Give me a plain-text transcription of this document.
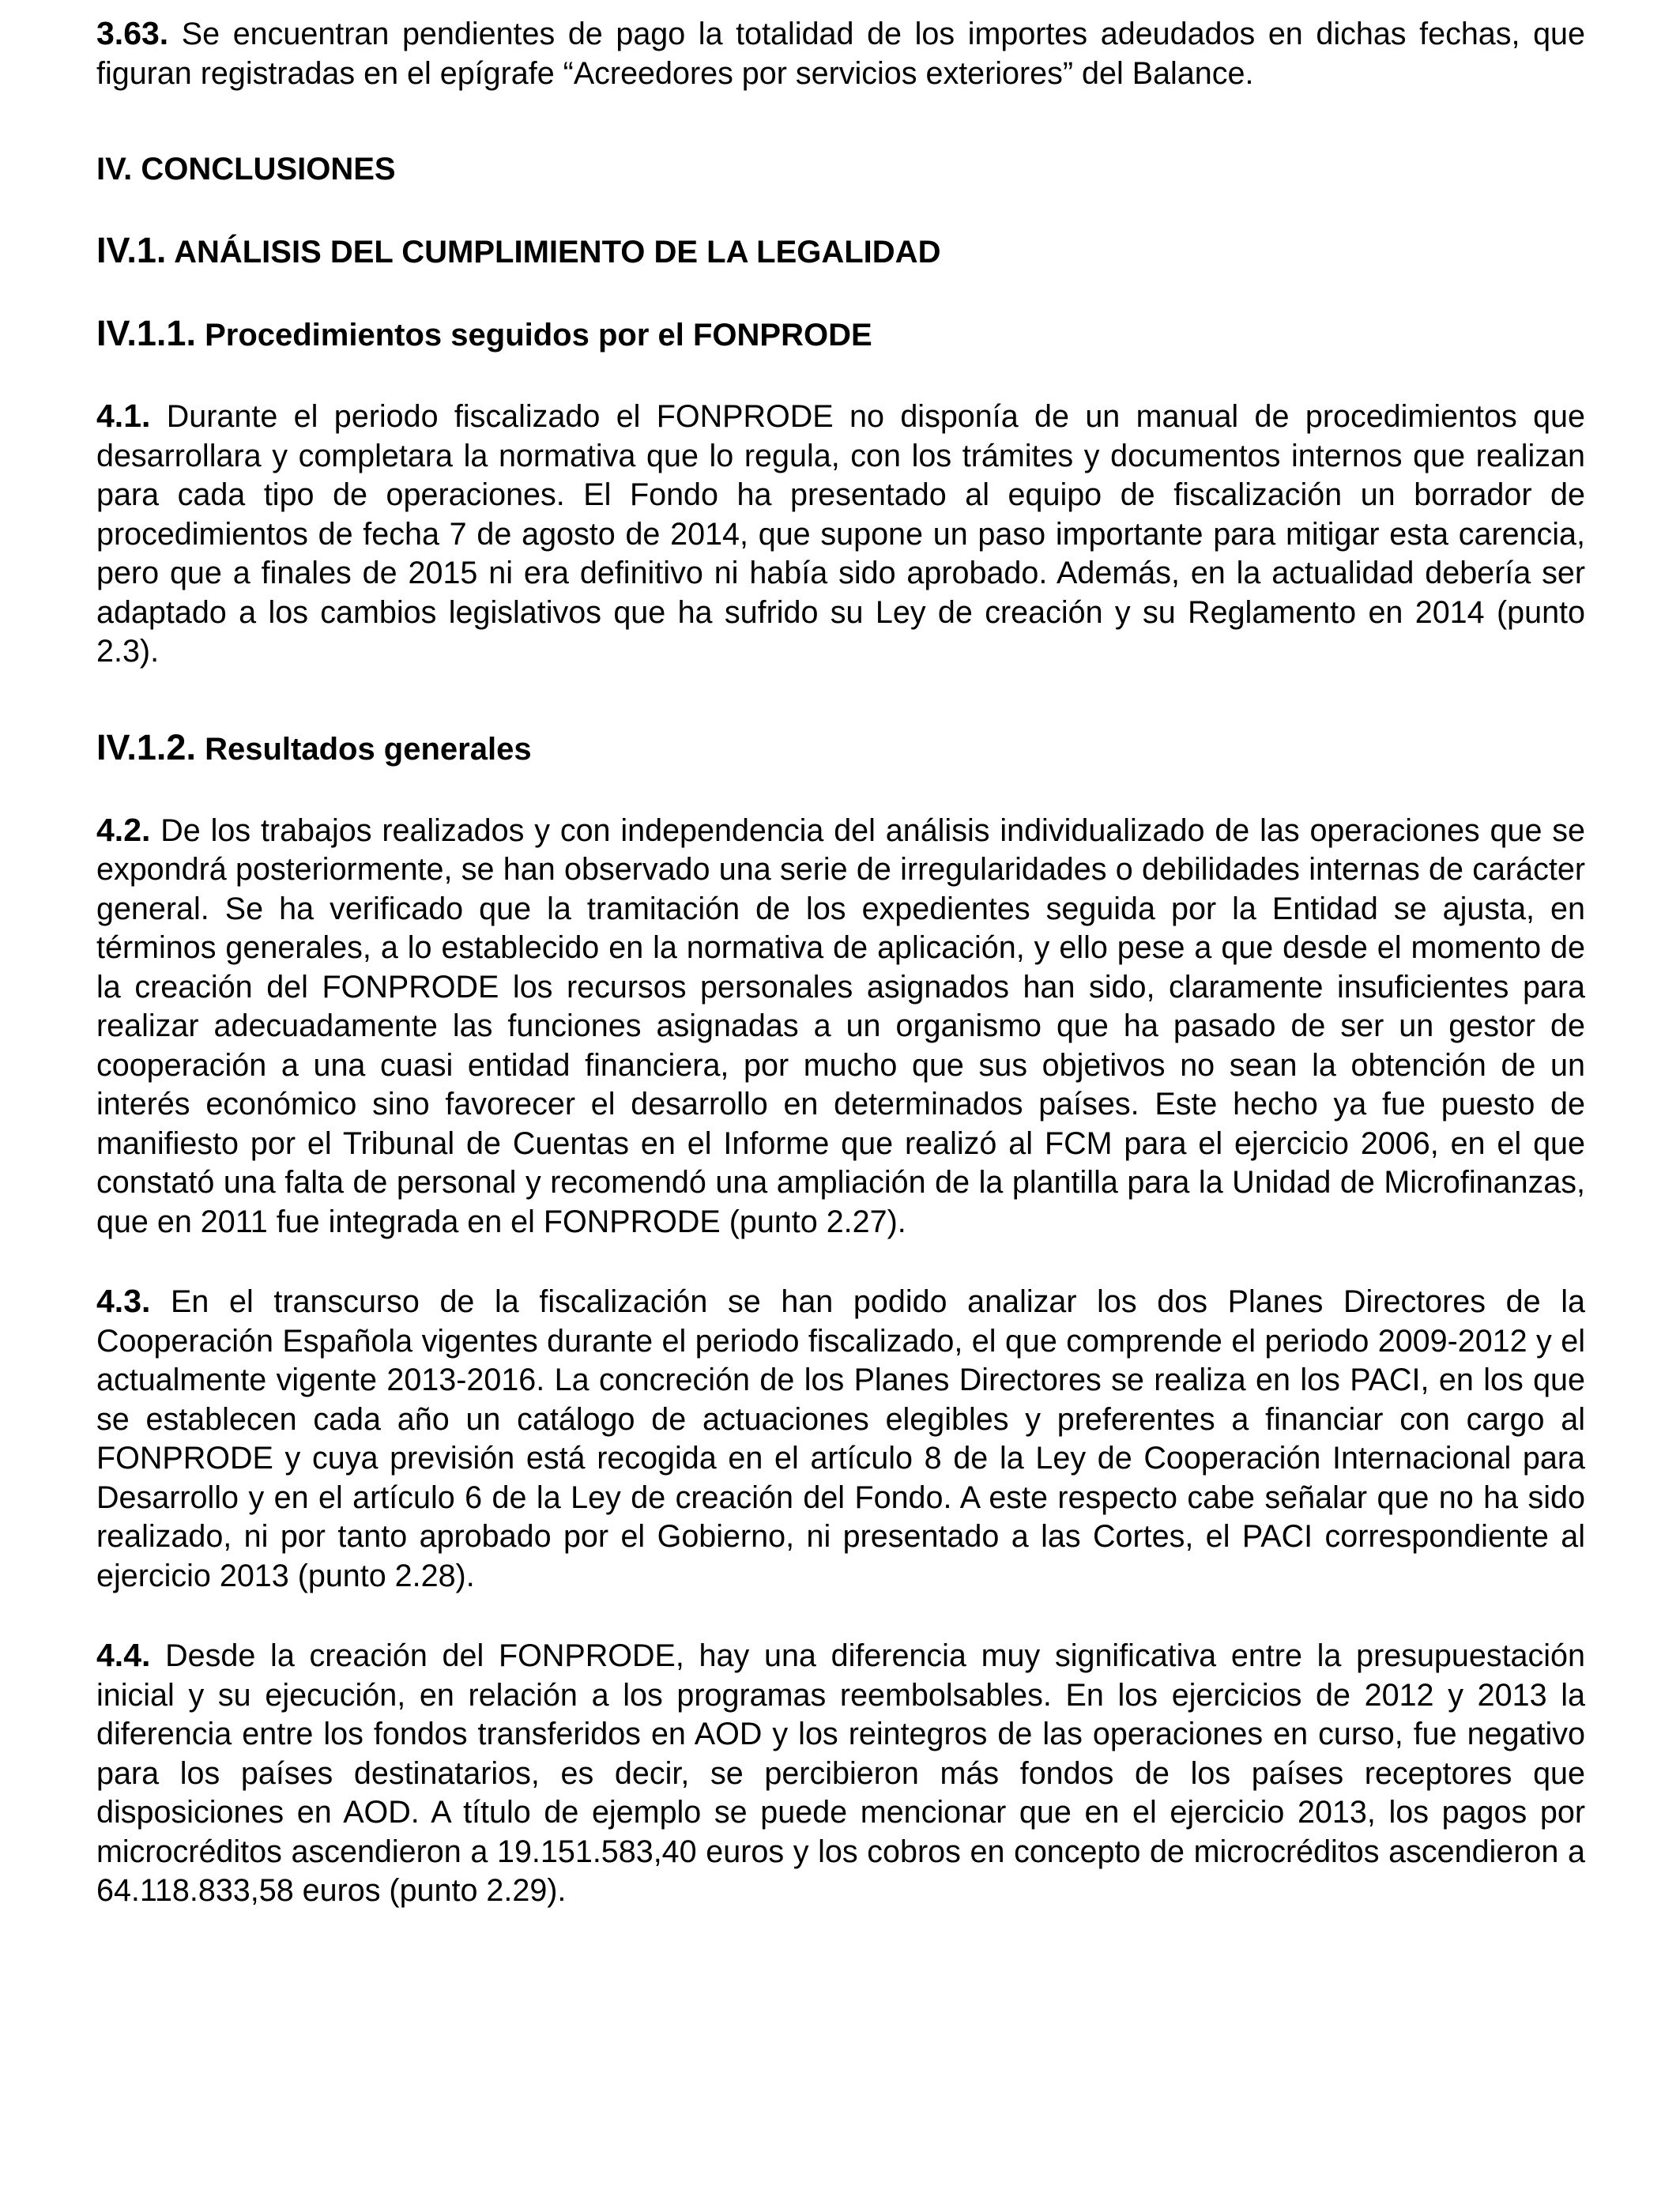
3.63. Se encuentran pendientes de pago la totalidad de los importes adeudados en dichas fechas, que figuran registradas en el epígrafe “Acreedores por servicios exteriores” del Balance.

IV. CONCLUSIONES

IV.1. ANÁLISIS DEL CUMPLIMIENTO DE LA LEGALIDAD

IV.1.1. Procedimientos seguidos por el FONPRODE

4.1. Durante el periodo fiscalizado el FONPRODE no disponía de un manual de procedimientos que desarrollara y completara la normativa que lo regula, con los trámites y documentos internos que realizan para cada tipo de operaciones. El Fondo ha presentado al equipo de fiscalización un borrador de procedimientos de fecha 7 de agosto de 2014, que supone un paso importante para mitigar esta carencia, pero que a finales de 2015 ni era definitivo ni había sido aprobado. Además, en la actualidad debería ser adaptado a los cambios legislativos que ha sufrido su Ley de creación y su Reglamento en 2014 (punto 2.3).

IV.1.2. Resultados generales

4.2. De los trabajos realizados y con independencia del análisis individualizado de las operaciones que se expondrá posteriormente, se han observado una serie de irregularidades o debilidades internas de carácter general. Se ha verificado que la tramitación de los expedientes seguida por la Entidad se ajusta, en términos generales, a lo establecido en la normativa de aplicación, y ello pese a que desde el momento de la creación del FONPRODE los recursos personales asignados han sido, claramente insuficientes para realizar adecuadamente las funciones asignadas a un organismo que ha pasado de ser un gestor de cooperación a una cuasi entidad financiera, por mucho que sus objetivos no sean la obtención de un interés económico sino favorecer el desarrollo en determinados países. Este hecho ya fue puesto de manifiesto por el Tribunal de Cuentas en el Informe que realizó al FCM para el ejercicio 2006, en el que constató una falta de personal y recomendó una ampliación de la plantilla para la Unidad de Microfinanzas, que en 2011 fue integrada en el FONPRODE (punto 2.27).

4.3. En el transcurso de la fiscalización se han podido analizar los dos Planes Directores de la Cooperación Española vigentes durante el periodo fiscalizado, el que comprende el periodo 2009-2012 y el actualmente vigente 2013-2016. La concreción de los Planes Directores se realiza en los PACI, en los que se establecen cada año un catálogo de actuaciones elegibles y preferentes a financiar con cargo al FONPRODE y cuya previsión está recogida en el artículo 8 de la Ley de Cooperación Internacional para Desarrollo y en el artículo 6 de la Ley de creación del Fondo. A este respecto cabe señalar que no ha sido realizado, ni por tanto aprobado por el Gobierno, ni presentado a las Cortes, el PACI correspondiente al ejercicio 2013 (punto 2.28).

4.4. Desde la creación del FONPRODE, hay una diferencia muy significativa entre la presupuestación inicial y su ejecución, en relación a los programas reembolsables. En los ejercicios de 2012 y 2013 la diferencia entre los fondos transferidos en AOD y los reintegros de las operaciones en curso, fue negativo para los países destinatarios, es decir, se percibieron más fondos de los países receptores que disposiciones en AOD. A título de ejemplo se puede mencionar que en el ejercicio 2013, los pagos por microcréditos ascendieron a 19.151.583,40 euros y los cobros en concepto de microcréditos ascendieron a 64.118.833,58 euros (punto 2.29).
